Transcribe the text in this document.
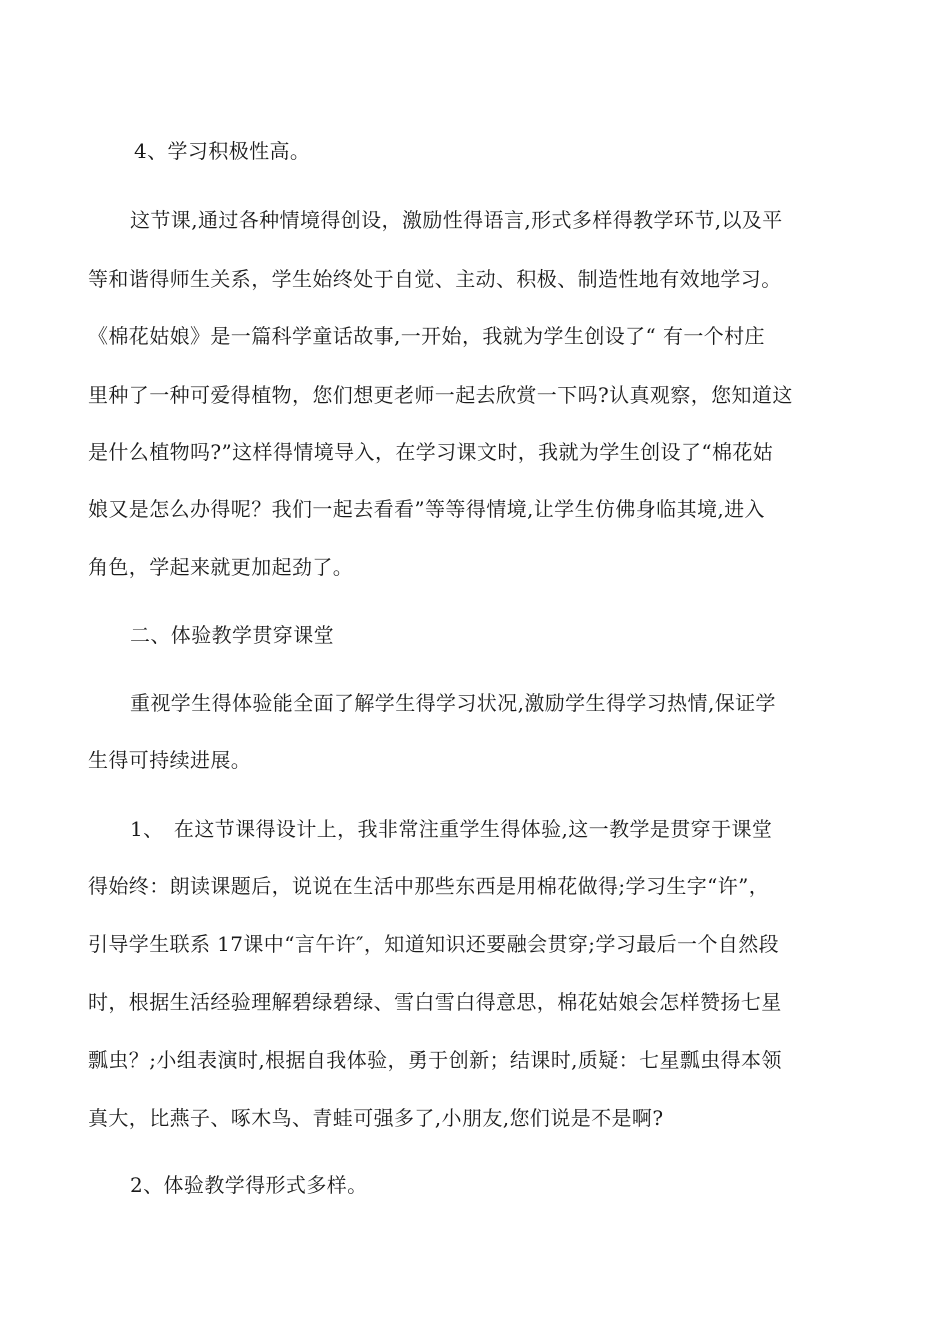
4、学习积极性高。
这节课,通过各种情境得创设，激励性得语言,形式多样得教学环节,以及平
等和谐得师生关系，学生始终处于自觉、主动、积极、制造性地有效地学习。
《棉花姑娘》是一篇科学童话故事,一开始，我就为学生创设了“ 有一个村庄
里种了一种可爱得植物，您们想更老师一起去欣赏一下吗?认真观察，您知道这
是什么植物吗?”这样得情境导入，在学习课文时，我就为学生创设了“棉花姑
娘又是怎么办得呢？我们一起去看看”等等得情境,让学生仿佛身临其境,进入
角色，学起来就更加起劲了。
二、体验教学贯穿课堂
重视学生得体验能全面了解学生得学习状况,激励学生得学习热情,保证学
生得可持续进展。
1、　在这节课得设计上，我非常注重学生得体验,这一教学是贯穿于课堂
得始终：朗读课题后，说说在生活中那些东西是用棉花做得;学习生字“许”，
引导学生联系 17课中“言午许″，知道知识还要融会贯穿;学习最后一个自然段
时，根据生活经验理解碧绿碧绿、雪白雪白得意思，棉花姑娘会怎样赞扬七星
瓢虫？;小组表演时,根据自我体验，勇于创新；结课时,质疑：七星瓢虫得本领
真大，比燕子、啄木鸟、青蛙可强多了,小朋友,您们说是不是啊?
2、体验教学得形式多样。
